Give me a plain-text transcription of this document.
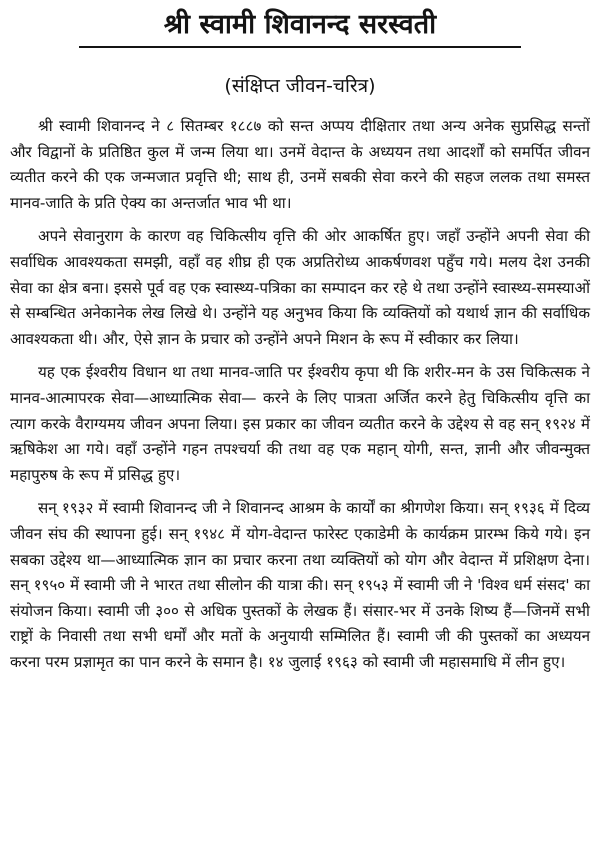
श्री स्वामी शिवानन्द सरस्वती
(संक्षिप्त जीवन-चरित्र)

श्री स्वामी शिवानन्द ने ८ सितम्बर १८८७ को सन्त अप्पय दीक्षितार तथा अन्य अनेक सुप्रसिद्ध सन्तों और विद्वानों के प्रतिष्ठित कुल में जन्म लिया था। उनमें वेदान्त के अध्ययन तथा आदर्शों को समर्पित जीवन व्यतीत करने की एक जन्मजात प्रवृत्ति थी; साथ ही, उनमें सबकी सेवा करने की सहज ललक तथा समस्त मानव-जाति के प्रति ऐक्य का अन्तर्जात भाव भी था।

अपने सेवानुराग के कारण वह चिकित्सीय वृत्ति की ओर आकर्षित हुए। जहाँ उन्होंने अपनी सेवा की सर्वाधिक आवश्यकता समझी, वहाँ वह शीघ्र ही एक अप्रतिरोध्य आकर्षणवश पहुँच गये। मलय देश उनकी सेवा का क्षेत्र बना। इससे पूर्व वह एक स्वास्थ्य-पत्रिका का सम्पादन कर रहे थे तथा उन्होंने स्वास्थ्य-समस्याओं से सम्बन्धित अनेकानेक लेख लिखे थे। उन्होंने यह अनुभव किया कि व्यक्तियों को यथार्थ ज्ञान की सर्वाधिक आवश्यकता थी। और, ऐसे ज्ञान के प्रचार को उन्होंने अपने मिशन के रूप में स्वीकार कर लिया।

यह एक ईश्वरीय विधान था तथा मानव-जाति पर ईश्वरीय कृपा थी कि शरीर-मन के उस चिकित्सक ने मानव-आत्मापरक सेवा—आध्यात्मिक सेवा— करने के लिए पात्रता अर्जित करने हेतु चिकित्सीय वृत्ति का त्याग करके वैराग्यमय जीवन अपना लिया। इस प्रकार का जीवन व्यतीत करने के उद्देश्य से वह सन् १९२४ में ऋषिकेश आ गये। वहाँ उन्होंने गहन तपश्चर्या की तथा वह एक महान् योगी, सन्त, ज्ञानी और जीवन्मुक्त महापुरुष के रूप में प्रसिद्ध हुए।

सन् १९३२ में स्वामी शिवानन्द जी ने शिवानन्द आश्रम के कार्यों का श्रीगणेश किया। सन् १९३६ में दिव्य जीवन संघ की स्थापना हुई। सन् १९४८ में योग-वेदान्त फारेस्ट एकाडेमी के कार्यक्रम प्रारम्भ किये गये। इन सबका उद्देश्य था—आध्यात्मिक ज्ञान का प्रचार करना तथा व्यक्तियों को योग और वेदान्त में प्रशिक्षण देना। सन् १९५० में स्वामी जी ने भारत तथा सीलोन की यात्रा की। सन् १९५३ में स्वामी जी ने 'विश्व धर्म संसद' का संयोजन किया। स्वामी जी ३०० से अधिक पुस्तकों के लेखक हैं। संसार-भर में उनके शिष्य हैं—जिनमें सभी राष्ट्रों के निवासी तथा सभी धर्मों और मतों के अनुयायी सम्मिलित हैं। स्वामी जी की पुस्तकों का अध्ययन करना परम प्रज्ञामृत का पान करने के समान है। १४ जुलाई १९६३ को स्वामी जी महासमाधि में लीन हुए।
